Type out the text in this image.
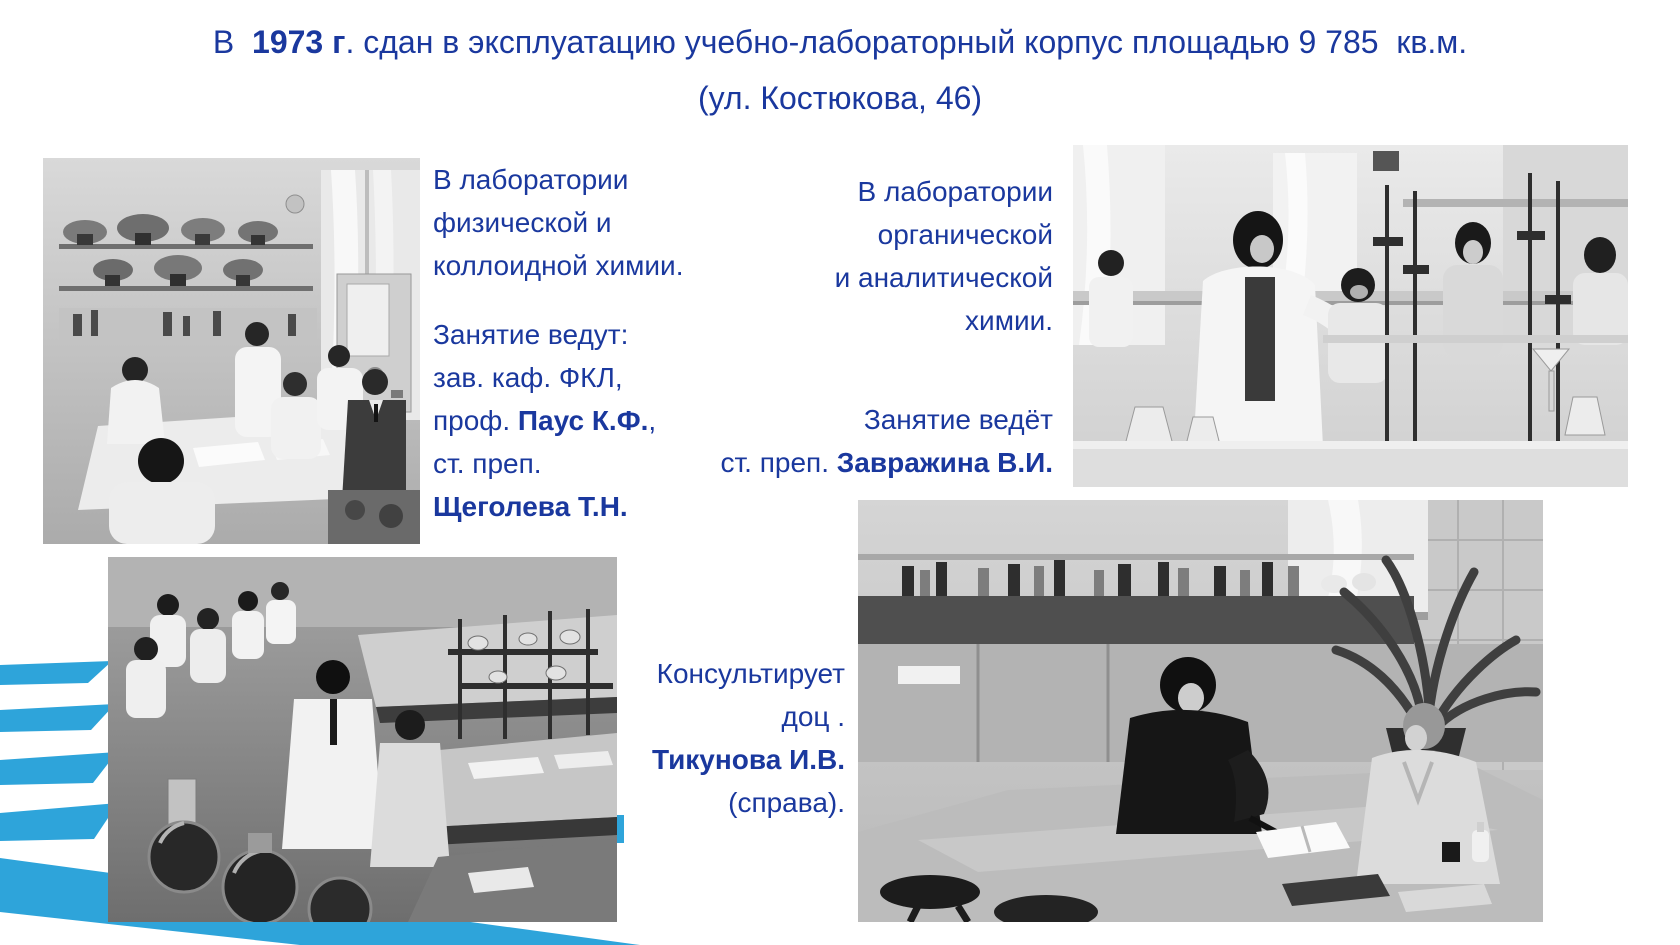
В  1973 г. сдан в эксплуатацию учебно-лабораторный корпус площадью 9 785  кв.м.
(ул. Костюкова, 46)
В лаборатории
физической и
коллоидной химии.
Занятие ведут:
зав. каф. ФКЛ,
проф. Паус К.Ф.,
ст. преп.
Щеголева Т.Н.
В лаборатории
органической
и аналитической
химии.
Занятие ведёт
ст. преп. Завражина В.И.
Консультирует
доц .
Тикунова И.В.
(справа).
